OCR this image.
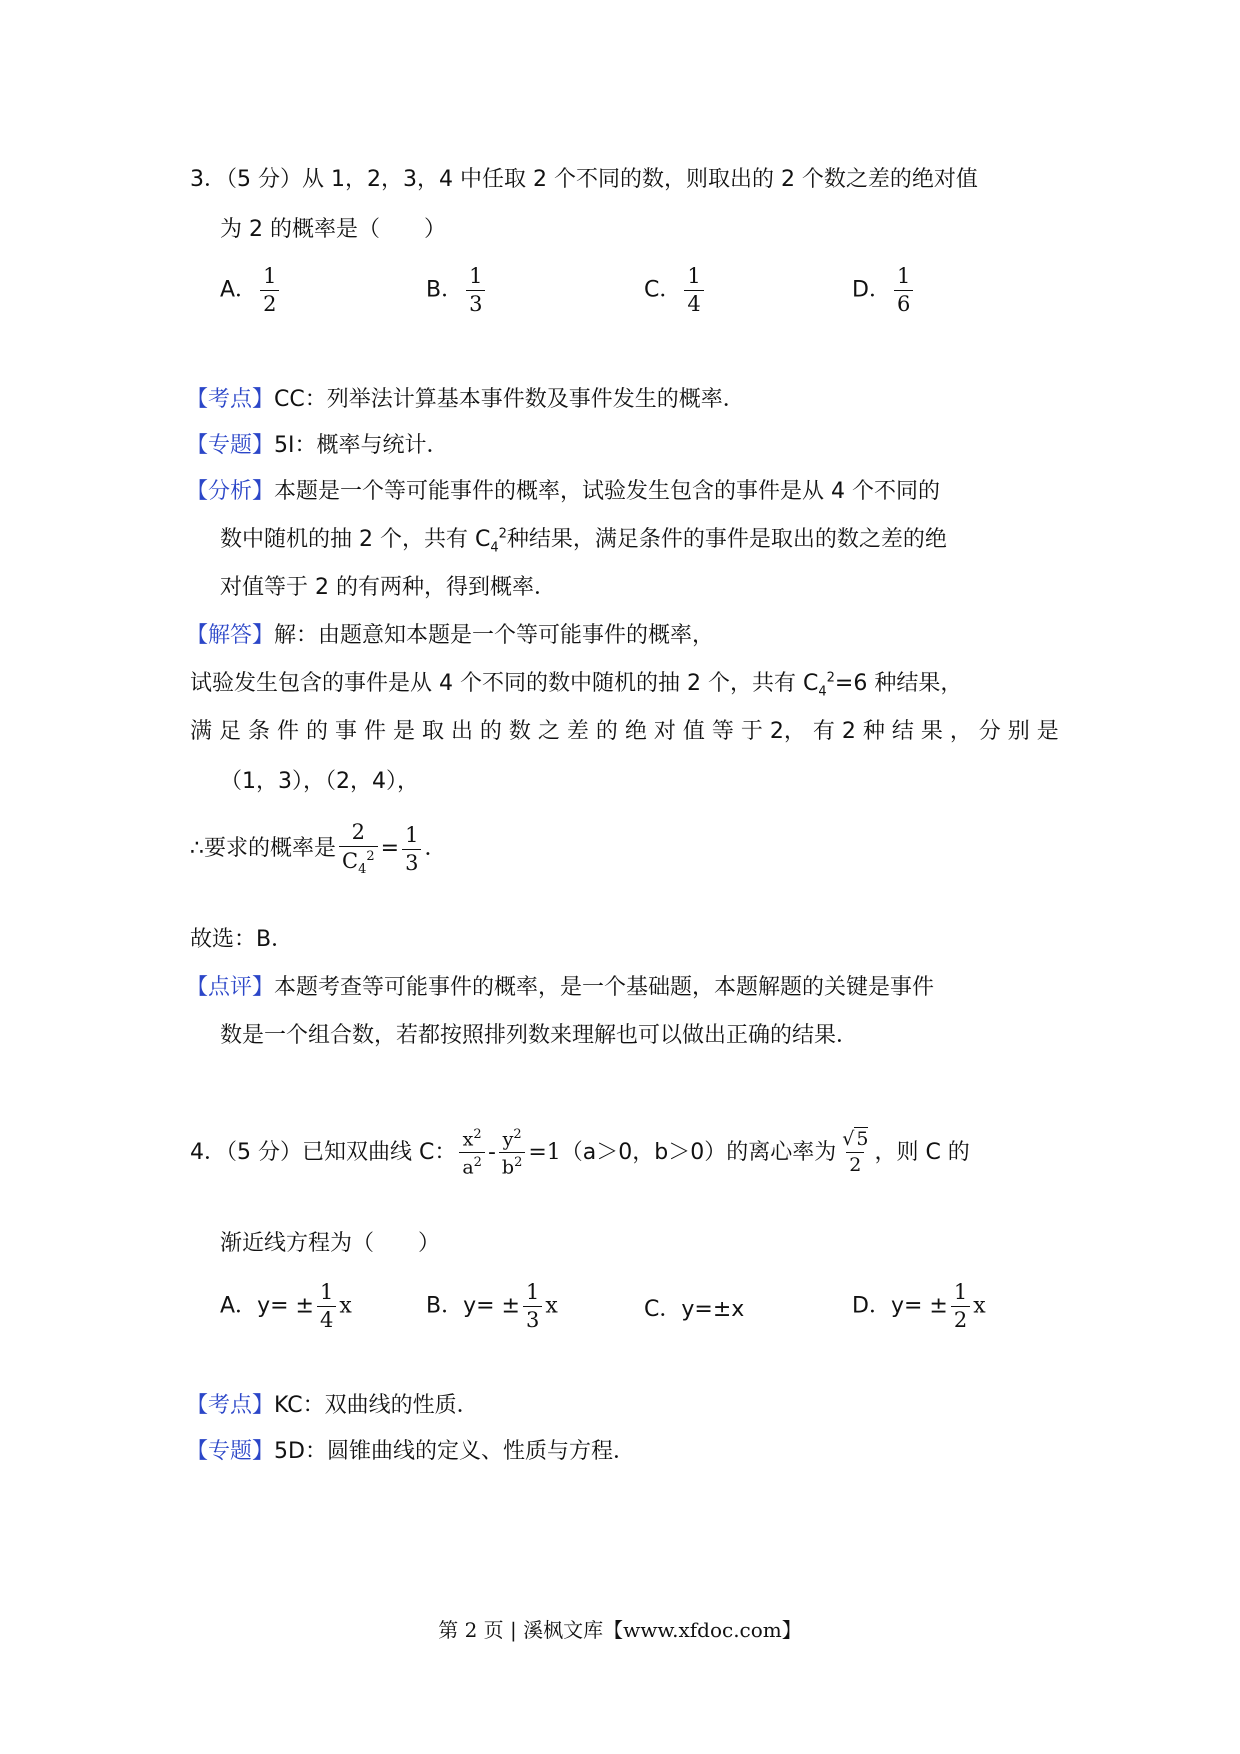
3．（5 分）从 1，2，3，4 中任取 2 个不同的数，则取出的 2 个数之差的绝对值
为 2 的概率是（　　）
A． $\frac{1}{2}$	B． $\frac{1}{3}$	C． $\frac{1}{4}$	D． $\frac{1}{6}$
【考点】CC：列举法计算基本事件数及事件发生的概率．
【专题】5I：概率与统计．
【分析】本题是一个等可能事件的概率，试验发生包含的事件是从 4 个不同的
数中随机的抽 2 个，共有 $C_4^2$种结果，满足条件的事件是取出的数之差的绝
对值等于 2 的有两种，得到概率．
【解答】解：由题意知本题是一个等可能事件的概率，
试验发生包含的事件是从 4 个不同的数中随机的抽 2 个，共有 $C_4^2=6$ 种结果，
满 足 条 件 的 事 件 是 取 出 的 数 之 差 的 绝 对 值 等 于 2， 有 2 种 结 果 ， 分 别 是
（1，3），（2，4），
∴要求的概率是 $\frac{2}{C_4^2} = \frac{1}{3}$ ．
故选：B．
【点评】本题考查等可能事件的概率，是一个基础题，本题解题的关键是事件
数是一个组合数，若都按照排列数来理解也可以做出正确的结果．
4．（5 分）已知双曲线 C： $\frac{x^2}{a^2} - \frac{y^2}{b^2} =1(a>0$，b＞0）的离心率为 $\frac{√ 5}{2}$ ，则 C 的
渐近线方程为（　　）
A．$y= \pm \frac{1}{4}$ x	B．$y= \pm \frac{1}{3}$ x	C．y=±x	D．$y= \pm \frac{1}{2}$ x
【考点】KC：双曲线的性质．
【专题】5D：圆锥曲线的定义、性质与方程．
第 2 页 | 溪枫文库【www.xfdoc.com】
